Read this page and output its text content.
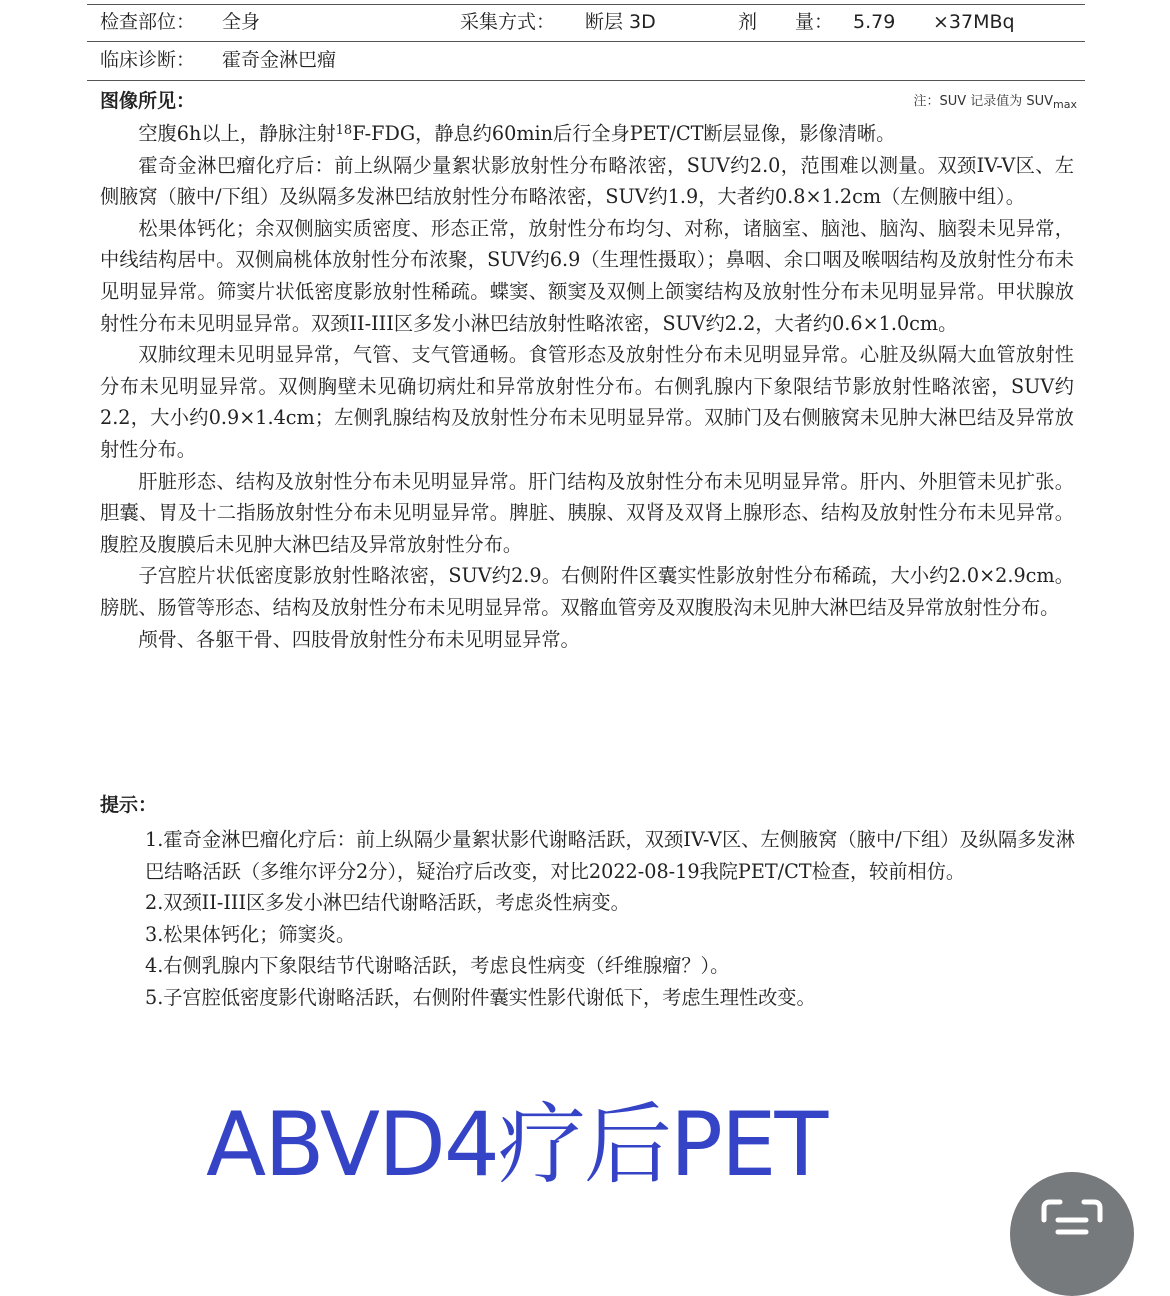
检查部位： 全身	采集方式： 断层 3D	剂　　量： 5.79 ×37MBq
临床诊断： 霍奇金淋巴瘤
图像所见：	注：SUV 记录值为 $SUV_{max}$

空腹6h以上，静脉注射$^{18}$F-FDG，静息约60min后行全身PET/CT断层显像，影像清晰。

霍奇金淋巴瘤化疗后：前上纵隔少量絮状影放射性分布略浓密，SUV约2.0，范围难以测量。双颈IV-V区、左侧腋窝（腋中/下组）及纵隔多发淋巴结放射性分布略浓密，SUV约1.9，大者约0.8×1.2cm（左侧腋中组）。

松果体钙化；余双侧脑实质密度、形态正常，放射性分布均匀、对称，诸脑室、脑池、脑沟、脑裂未见异常，中线结构居中。双侧扁桃体放射性分布浓聚，SUV约6.9（生理性摄取）；鼻咽、余口咽及喉咽结构及放射性分布未见明显异常。筛窦片状低密度影放射性稀疏。蝶窦、额窦及双侧上颌窦结构及放射性分布未见明显异常。甲状腺放射性分布未见明显异常。双颈II-III区多发小淋巴结放射性略浓密，SUV约2.2，大者约0.6×1.0cm。

双肺纹理未见明显异常，气管、支气管通畅。食管形态及放射性分布未见明显异常。心脏及纵隔大血管放射性分布未见明显异常。双侧胸壁未见确切病灶和异常放射性分布。右侧乳腺内下象限结节影放射性略浓密，SUV约2.2，大小约0.9×1.4cm；左侧乳腺结构及放射性分布未见明显异常。双肺门及右侧腋窝未见肿大淋巴结及异常放射性分布。

肝脏形态、结构及放射性分布未见明显异常。肝门结构及放射性分布未见明显异常。肝内、外胆管未见扩张。胆囊、胃及十二指肠放射性分布未见明显异常。脾脏、胰腺、双肾及双肾上腺形态、结构及放射性分布未见异常。腹腔及腹膜后未见肿大淋巴结及异常放射性分布。

子宫腔片状低密度影放射性略浓密，SUV约2.9。右侧附件区囊实性影放射性分布稀疏，大小约2.0×2.9cm。膀胱、肠管等形态、结构及放射性分布未见明显异常。双髂血管旁及双腹股沟未见肿大淋巴结及异常放射性分布。

颅骨、各躯干骨、四肢骨放射性分布未见明显异常。

提示：

1.霍奇金淋巴瘤化疗后：前上纵隔少量絮状影代谢略活跃，双颈IV-V区、左侧腋窝（腋中/下组）及纵隔多发淋巴结略活跃（多维尔评分2分），疑治疗后改变，对比2022-08-19我院PET/CT检查，较前相仿。

2.双颈II-III区多发小淋巴结代谢略活跃，考虑炎性病变。

3.松果体钙化；筛窦炎。

4.右侧乳腺内下象限结节代谢略活跃，考虑良性病变（纤维腺瘤？）。

5.子宫腔低密度影代谢略活跃，右侧附件囊实性影代谢低下，考虑生理性改变。

ABVD4疗后PET
